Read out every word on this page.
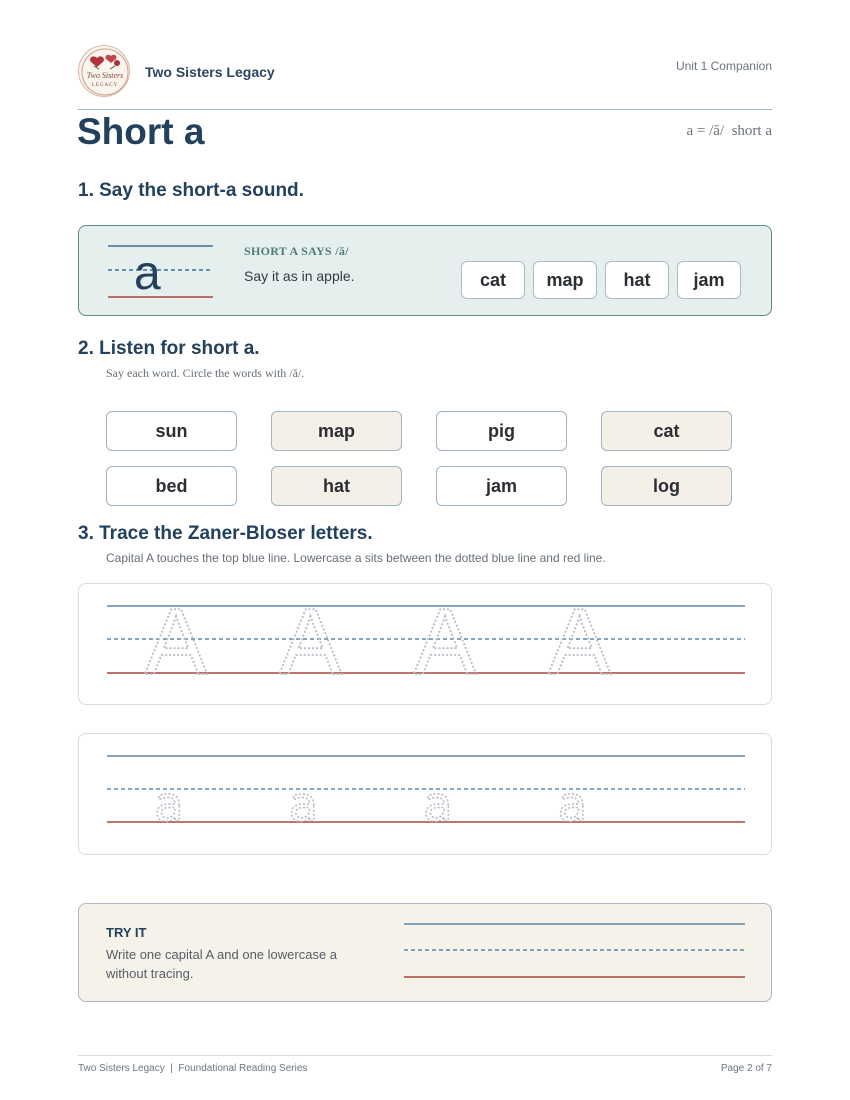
Two Sisters
LEGACY
Two Sisters Legacy	Unit 1 Companion
Short a	a = /ă/  short a
1. Say the short-a sound.
a	SHORT A SAYS /ă/
Say it as in apple.	cat	map	hat	jam
2. Listen for short a.
Say each word. Circle the words with /ă/.
sun	map	pig	cat
bed	hat	jam	log
3. Trace the Zaner-Bloser letters.
Capital A touches the top blue line. Lowercase a sits between the dotted blue line and red line.
A A A A
a a a a
TRY IT
Write one capital A and one lowercase a without tracing.
Two Sisters Legacy  |  Foundational Reading Series	Page 2 of 7
